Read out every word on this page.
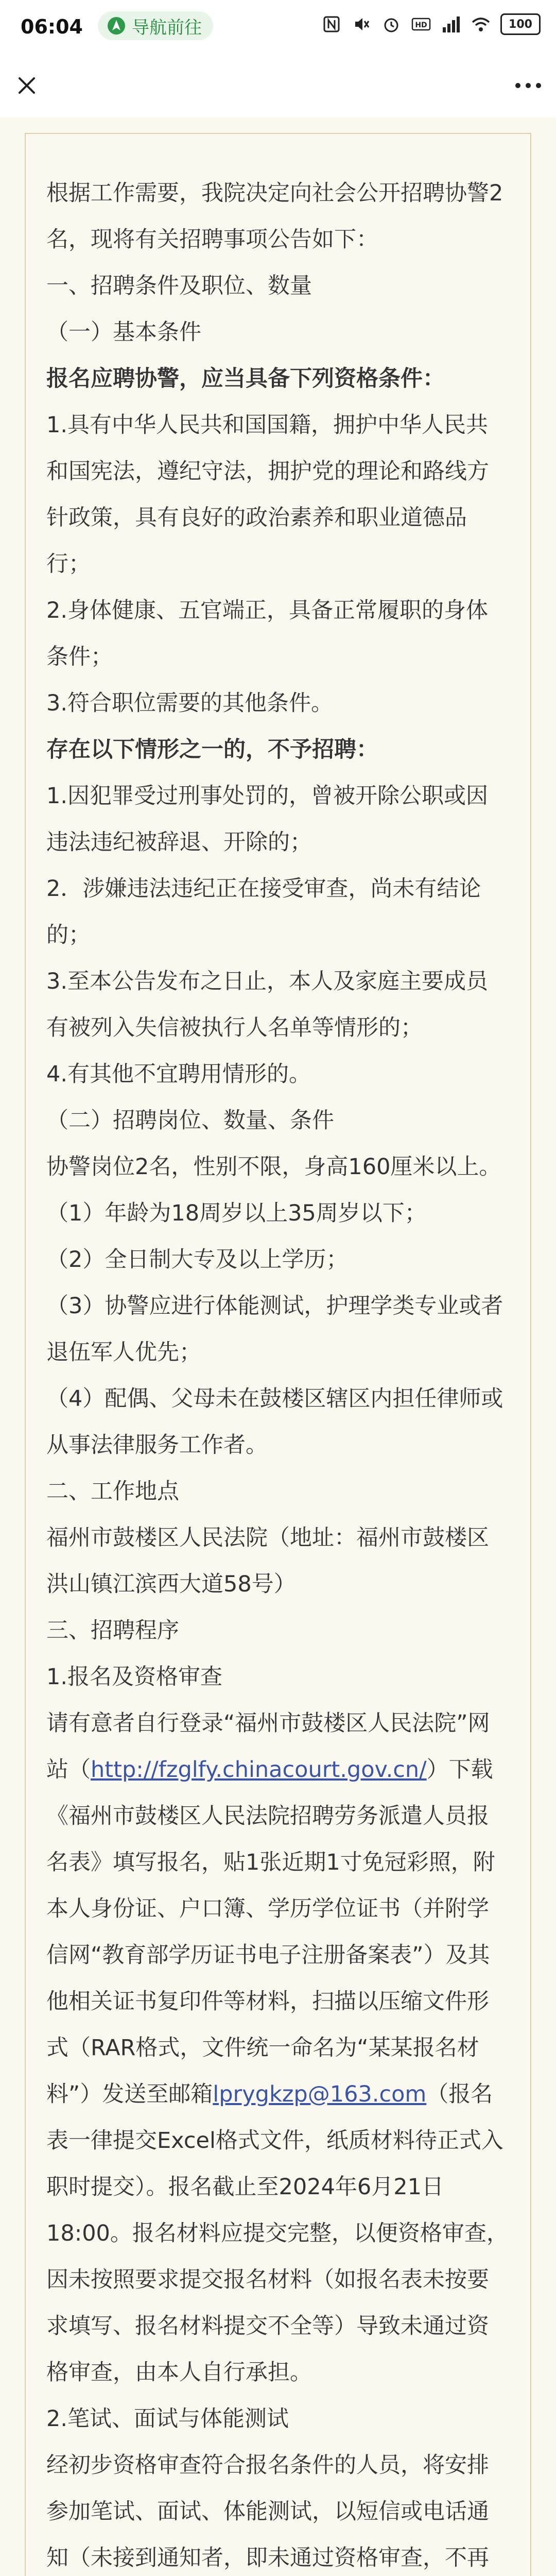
06:04	导航前往	HD	100

根据工作需要，我院决定向社会公开招聘协警2名，现将有关招聘事项公告如下：

一、招聘条件及职位、数量

（一）基本条件

报名应聘协警，应当具备下列资格条件：

1.具有中华人民共和国国籍，拥护中华人民共和国宪法，遵纪守法，拥护党的理论和路线方针政策，具有良好的政治素养和职业道德品行；

2.身体健康、五官端正，具备正常履职的身体条件；

3.符合职位需要的其他条件。

存在以下情形之一的，不予招聘：

1.因犯罪受过刑事处罚的，曾被开除公职或因违法违纪被辞退、开除的；

2．涉嫌违法违纪正在接受审查，尚未有结论的；

3.至本公告发布之日止，本人及家庭主要成员有被列入失信被执行人名单等情形的；

4.有其他不宜聘用情形的。

（二）招聘岗位、数量、条件

协警岗位2名，性别不限，身高160厘米以上。

（1）年龄为18周岁以上35周岁以下；

（2）全日制大专及以上学历；

（3）协警应进行体能测试，护理学类专业或者退伍军人优先；

（4）配偶、父母未在鼓楼区辖区内担任律师或从事法律服务工作者。

二、工作地点

福州市鼓楼区人民法院（地址：福州市鼓楼区洪山镇江滨西大道58号）

三、招聘程序

1.报名及资格审查

请有意者自行登录“福州市鼓楼区人民法院”网站（http://fzglfy.chinacourt.gov.cn/）下载《福州市鼓楼区人民法院招聘劳务派遣人员报名表》填写报名，贴1张近期1寸免冠彩照，附本人身份证、户口簿、学历学位证书（并附学信网“教育部学历证书电子注册备案表”）及其他相关证书复印件等材料，扫描以压缩文件形式（RAR格式，文件统一命名为“某某报名材料”）发送至邮箱lprygkzp@163.com（报名表一律提交Excel格式文件，纸质材料待正式入职时提交）。报名截止至2024年6月21日18:00。报名材料应提交完整，以便资格审查，因未按照要求提交报名材料（如报名表未按要求填写、报名材料提交不全等）导致未通过资格审查，由本人自行承担。

2.笔试、面试与体能测试

经初步资格审查符合报名条件的人员，将安排参加笔试、面试、体能测试，以短信或电话通知（未接到通知者，即未通过资格审查，不再
